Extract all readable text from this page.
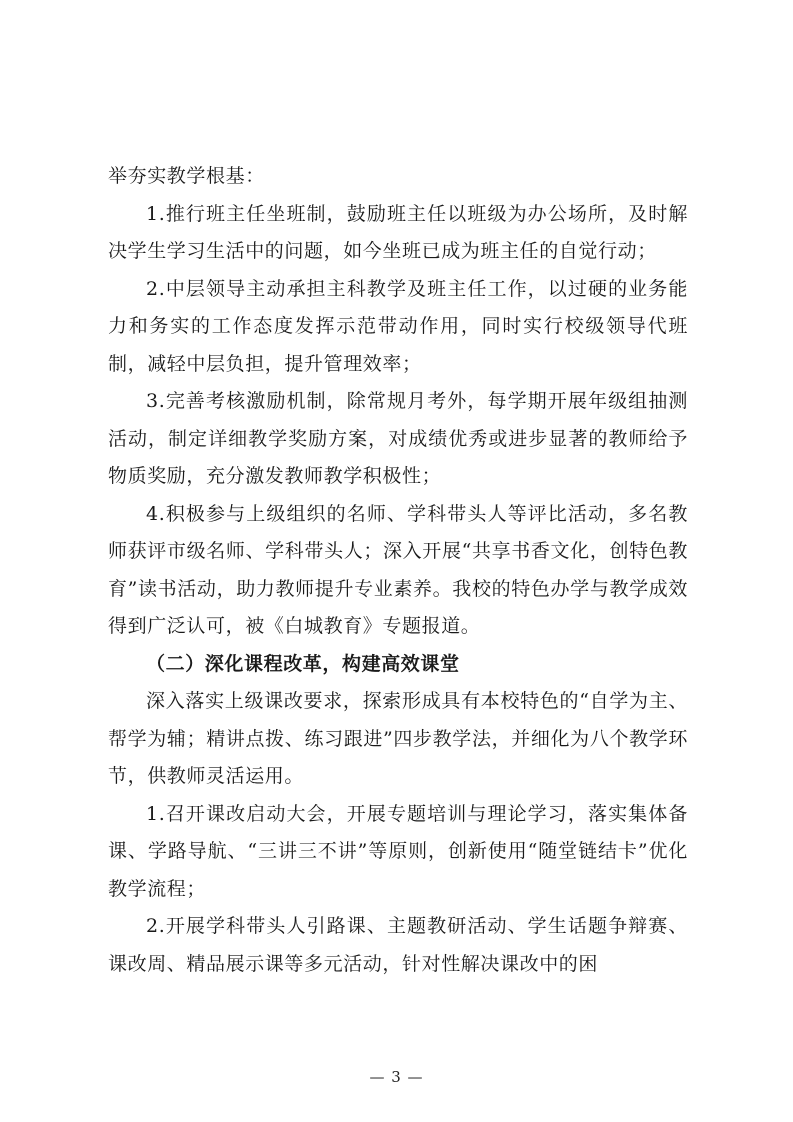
举夯实教学根基：

1.推行班主任坐班制，鼓励班主任以班级为办公场所，及时解决学生学习生活中的问题，如今坐班已成为班主任的自觉行动；

2.中层领导主动承担主科教学及班主任工作，以过硬的业务能力和务实的工作态度发挥示范带动作用，同时实行校级领导代班制，减轻中层负担，提升管理效率；

3.完善考核激励机制，除常规月考外，每学期开展年级组抽测活动，制定详细教学奖励方案，对成绩优秀或进步显著的教师给予物质奖励，充分激发教师教学积极性；

4.积极参与上级组织的名师、学科带头人等评比活动，多名教师获评市级名师、学科带头人；深入开展“共享书香文化，创特色教育”读书活动，助力教师提升专业素养。我校的特色办学与教学成效得到广泛认可，被《白城教育》专题报道。

（二）深化课程改革，构建高效课堂

深入落实上级课改要求，探索形成具有本校特色的“自学为主、帮学为辅；精讲点拨、练习跟进”四步教学法，并细化为八个教学环节，供教师灵活运用。

1.召开课改启动大会，开展专题培训与理论学习，落实集体备课、学路导航、“三讲三不讲”等原则，创新使用“随堂链结卡”优化教学流程；

2.开展学科带头人引路课、主题教研活动、学生话题争辩赛、课改周、精品展示课等多元活动，针对性解决课改中的困

— 3 —
